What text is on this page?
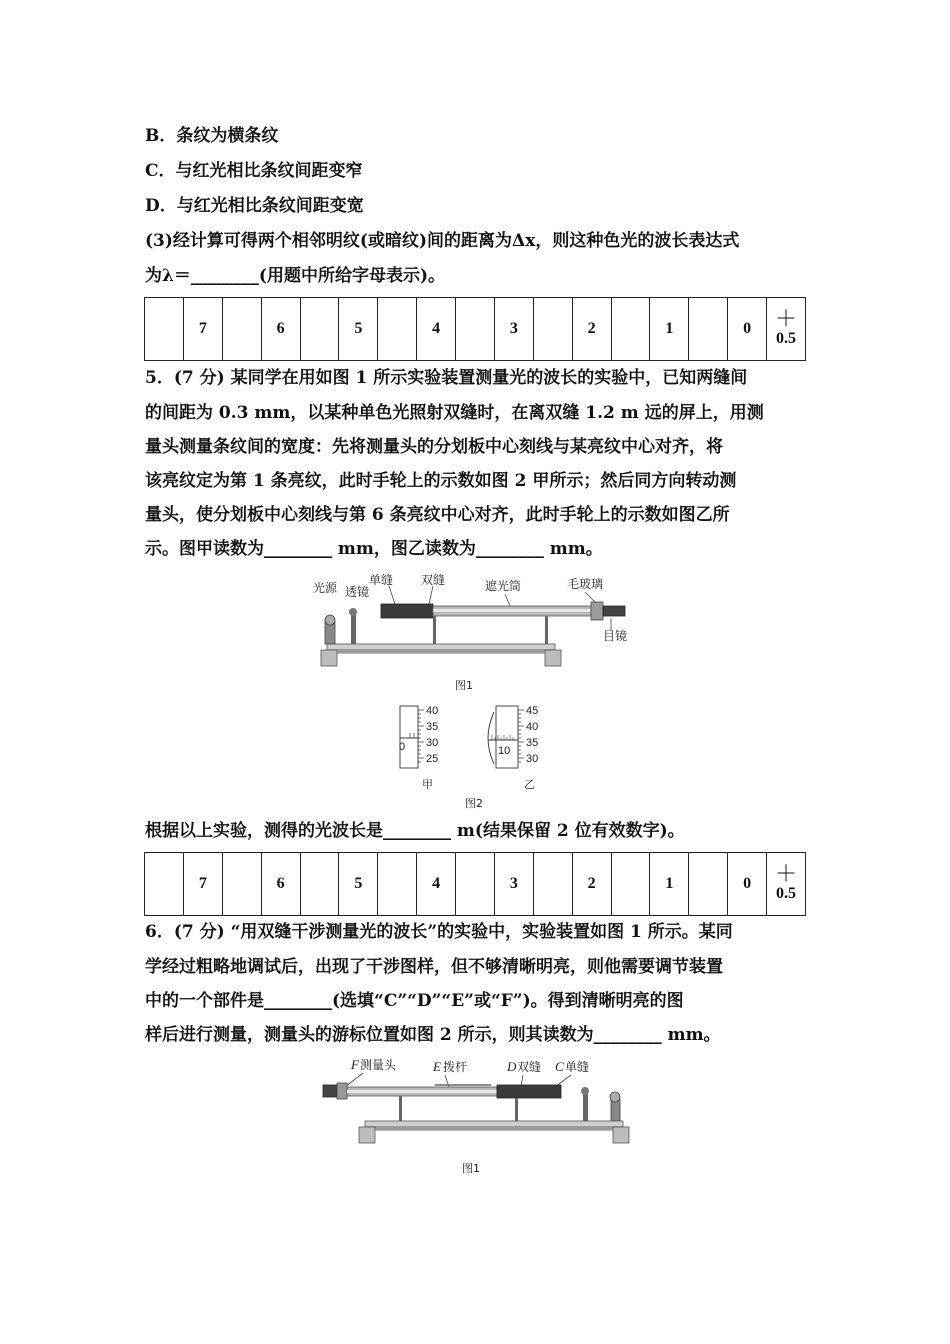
B．条纹为横条纹
C．与红光相比条纹间距变窄
D．与红光相比条纹间距变宽
(3)经计算可得两个相邻明纹(或暗纹)间的距离为Δx，则这种色光的波长表达式
为λ＝________(用题中所给字母表示)。
	7		6		5		4		3		2		1		0	＋
0.5
5．(7 分) 某同学在用如图 1 所示实验装置测量光的波长的实验中，已知两缝间
的间距为 0.3 mm，以某种单色光照射双缝时，在离双缝 1.2 m 远的屏上，用测
量头测量条纹间的宽度：先将测量头的分划板中心刻线与某亮纹中心对齐，将
该亮纹定为第 1 条亮纹，此时手轮上的示数如图 2 甲所示；然后同方向转动测
量头，使分划板中心刻线与第 6 条亮纹中心对齐，此时手轮上的示数如图乙所
示。图甲读数为________ mm，图乙读数为________ mm。
光源 透镜
单缝 双缝	遮光筒	毛玻璃
目镜
图1
0
40
35
30
25
甲
10
45
40
35
30
乙
图2
根据以上实验，测得的光波长是________ m(结果保留 2 位有效数字)。
	7		6		5		4		3		2		1		0	＋
0.5
6．(7 分) “用双缝干涉测量光的波长”的实验中，实验装置如图 1 所示。某同
学经过粗略地调试后，出现了干涉图样，但不够清晰明亮，则他需要调节装置
中的一个部件是________(选填“C”“D”“E”或“F”)。得到清晰明亮的图
样后进行测量，测量头的游标位置如图 2 所示，则其读数为________ mm。
F 测量头	E 拨杆	D 双缝 C 单缝
图1
